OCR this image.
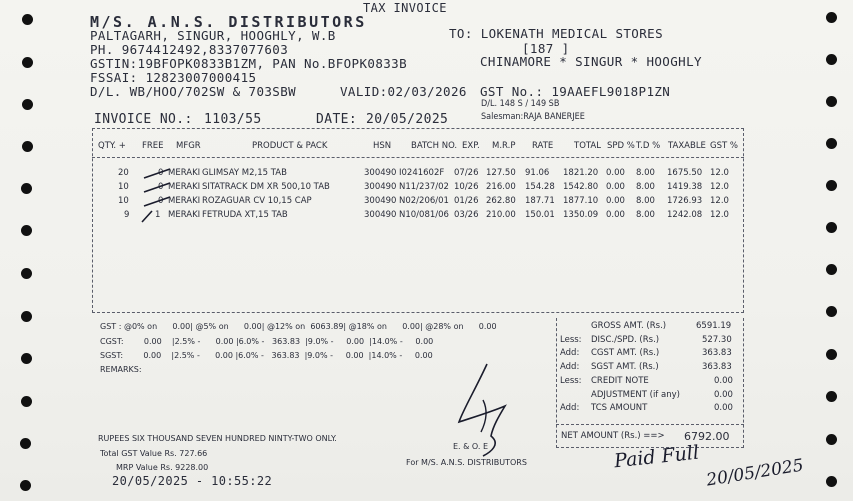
TAX INVOICE
M/S. A.N.S. DISTRIBUTORS
PALTAGARH, SINGUR, HOOGHLY, W.B
PH. 9674412492,8337077603
GSTIN:19BFOPK0833B1ZM, PAN No.BFOPK0833B
FSSAI: 12823007000415
D/L. WB/HOO/702SW & 703SBW	VALID:02/03/2026
TO: LOKENATH MEDICAL STORES
[187 ]
CHINAMORE * SINGUR * HOOGHLY
GST No.: 19AAEFL9018P1ZN
D/L. 148 S / 149 SB
Salesman:RAJA BANERJEE
INVOICE NO.: 1103/55	DATE: 20/05/2025
QTY. + FREE MFGR	PRODUCT & PACK	HSN BATCH NO. EXP. M.R.P RATE TOTAL SPD % T.D % TAXABLE GST %
20	0 MERAKI GLIMSAY M2,15 TAB	300490 I0241602F 07/26 127.50 91.06 1821.20 0.00 8.00 1675.50 12.0
10	0 MERAKI SITATRACK DM XR 500,10 TAB	300490 N11/237/02 10/26 216.00 154.28 1542.80 0.00 8.00 1419.38 12.0
10	0 MERAKI ROZAGUAR CV 10,15 CAP	300490 N02/206/01 01/26 262.80 187.71 1877.10 0.00 8.00 1726.93 12.0
9	1 MERAKI FETRUDA XT,15 TAB	300490 N10/081/06 03/26 210.00 150.01 1350.09 0.00 8.00 1242.08 12.0
GST : @0% on      0.00| @5% on      0.00| @12% on  6063.89| @18% on      0.00| @28% on      0.00
CGST:        0.00    |2.5% -      0.00 |6.0% -   363.83  |9.0% -     0.00  |14.0% -     0.00
SGST:        0.00    |2.5% -      0.00 |6.0% -   363.83  |9.0% -     0.00  |14.0% -     0.00
REMARKS:
GROSS AMT. (Rs.)	6591.19
Less: DISC./SPD. (Rs.)	527.30
Add: CGST AMT. (Rs.)	363.83
Add: SGST AMT. (Rs.)	363.83
Less: CREDIT NOTE	0.00
ADJUSTMENT (if any)	0.00
Add: TCS AMOUNT	0.00
NET AMOUNT (Rs.) ==> 6792.00
RUPEES SIX THOUSAND SEVEN HUNDRED NINTY-TWO ONLY.
Total GST Value Rs. 727.66
MRP Value Rs. 9228.00
20/05/2025 - 10:55:22
E. & O. E
For M/S. A.N.S. DISTRIBUTORS	Paid Full 20/05/2025
